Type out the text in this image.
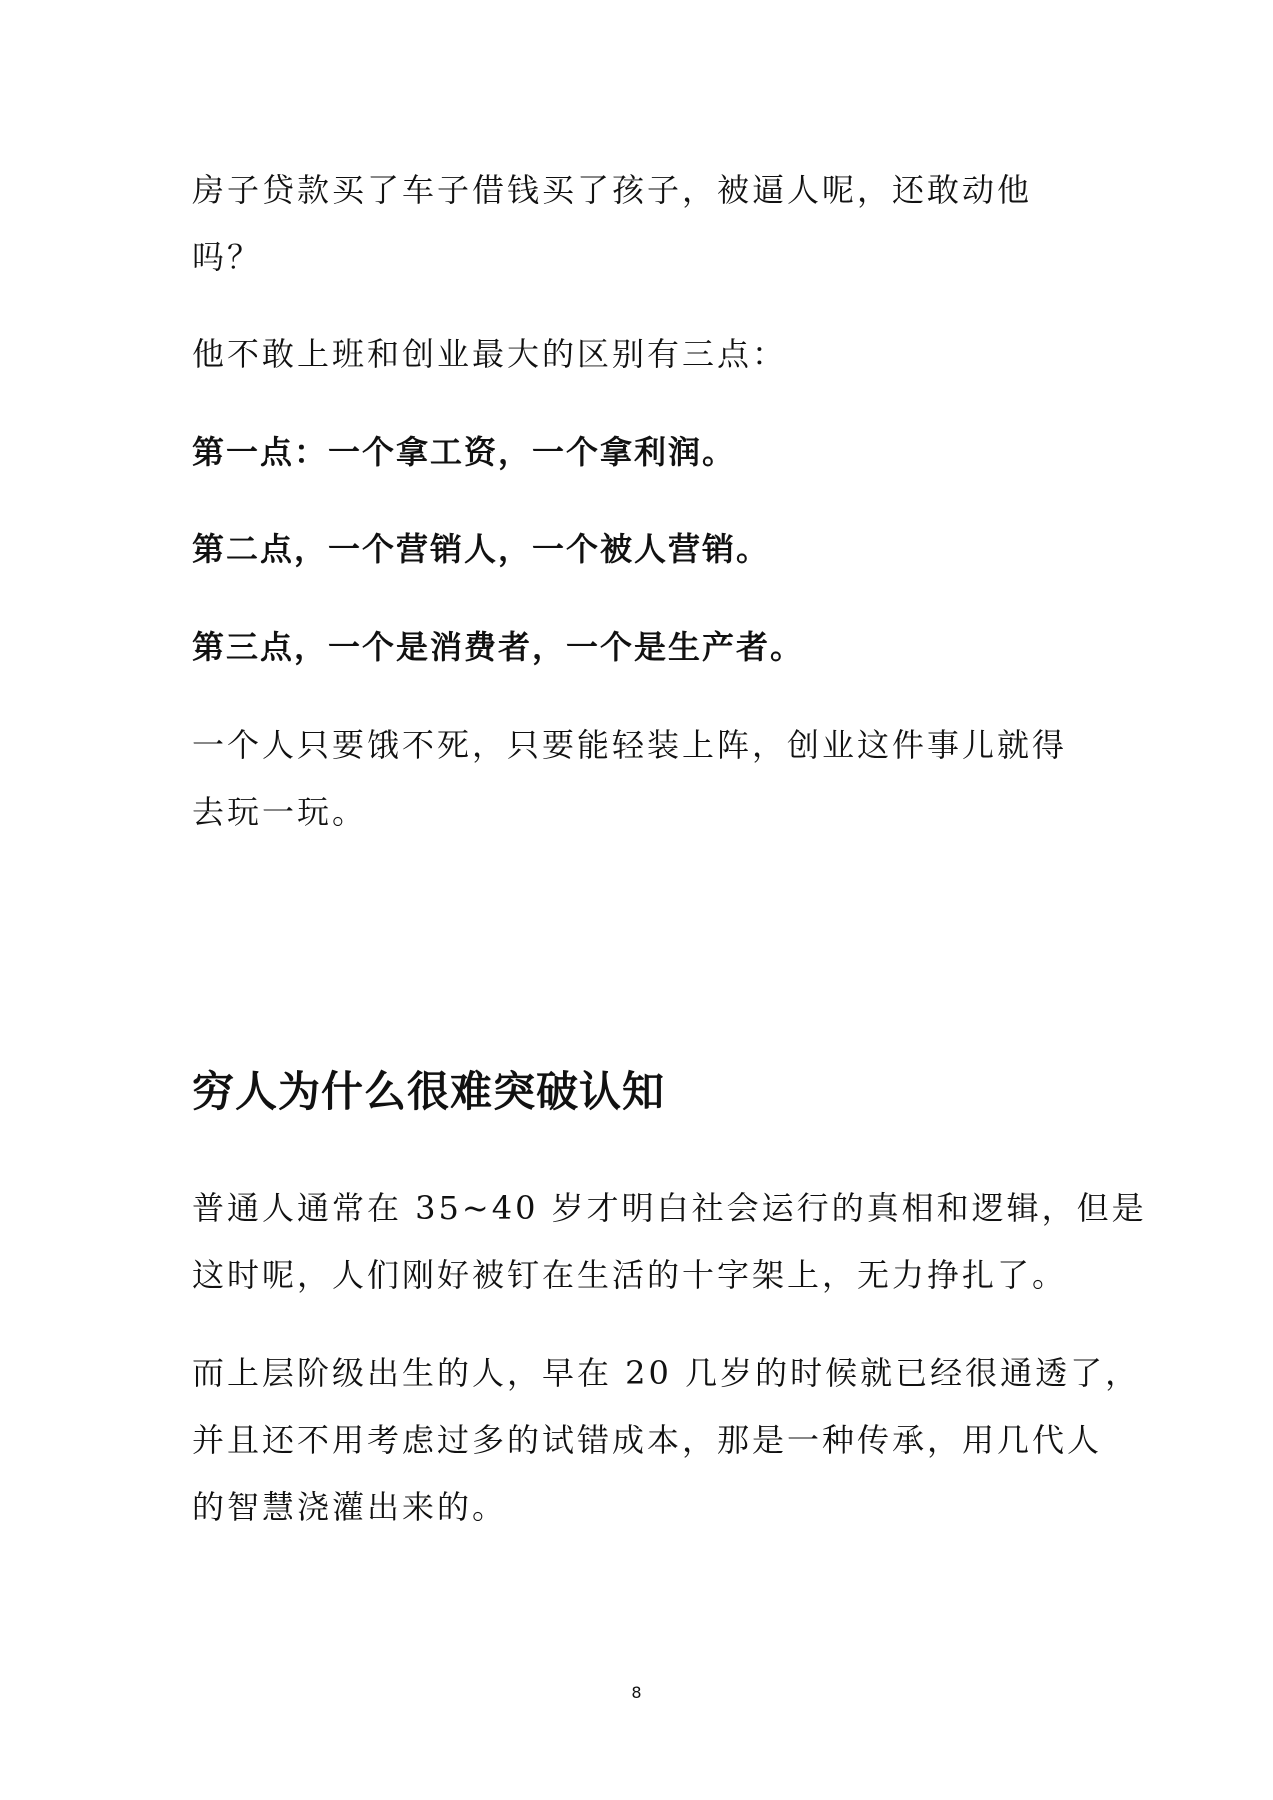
房子贷款买了车子借钱买了孩子，被逼人呢，还敢动他
吗？
他不敢上班和创业最大的区别有三点：
第一点：一个拿工资，一个拿利润。
第二点，一个营销人，一个被人营销。
第三点，一个是消费者，一个是生产者。
一个人只要饿不死，只要能轻装上阵，创业这件事儿就得
去玩一玩。
穷人为什么很难突破认知
普通人通常在 35~40 岁才明白社会运行的真相和逻辑，但是
这时呢，人们刚好被钉在生活的十字架上，无力挣扎了。
而上层阶级出生的人，早在 20 几岁的时候就已经很通透了，
并且还不用考虑过多的试错成本，那是一种传承，用几代人
的智慧浇灌出来的。
8
